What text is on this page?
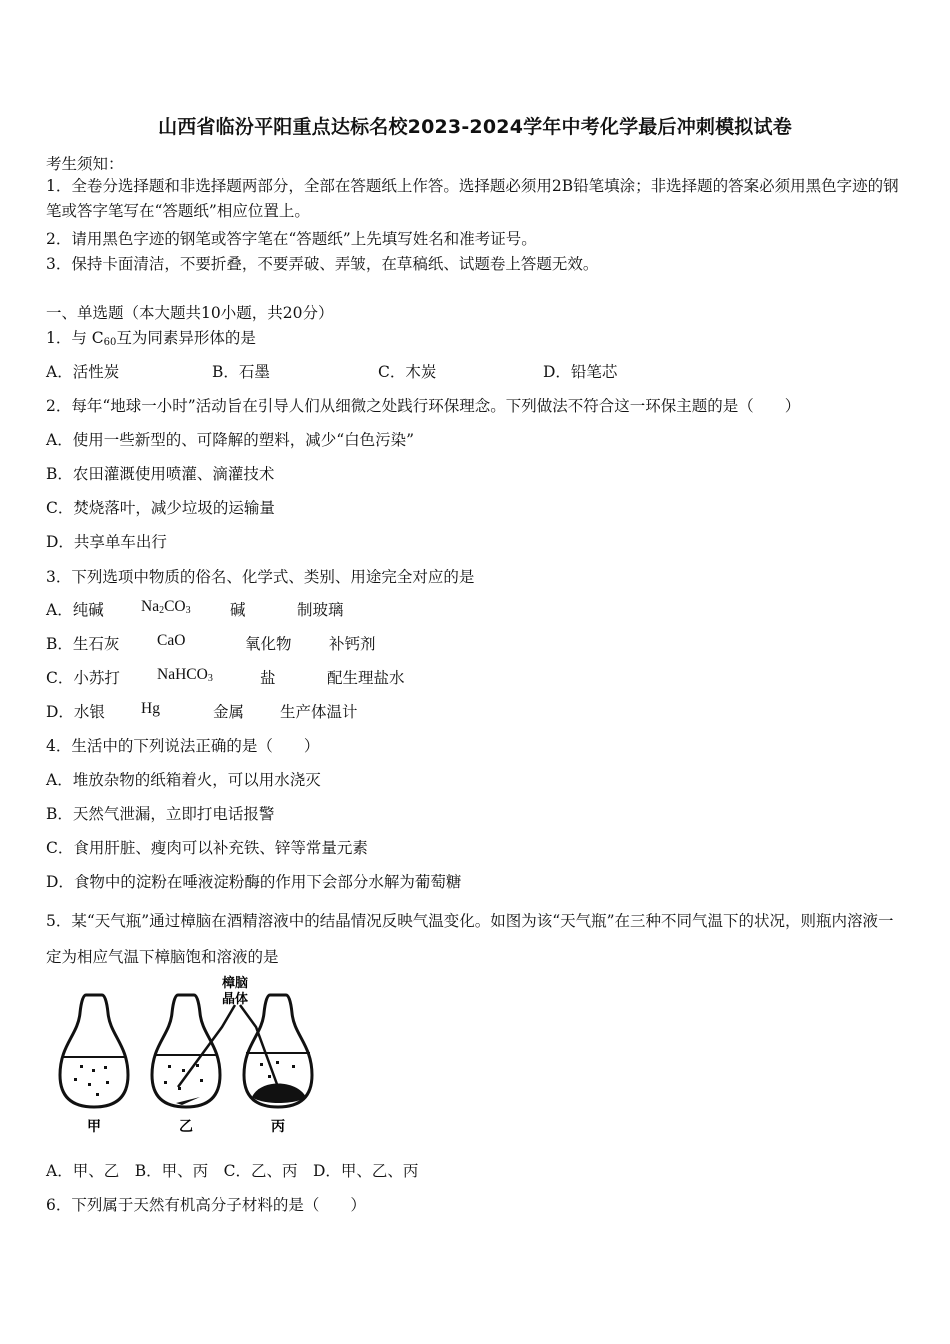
山西省临汾平阳重点达标名校2023-2024学年中考化学最后冲刺模拟试卷
考生须知：
1．全卷分选择题和非选择题两部分，全部在答题纸上作答。选择题必须用2B铅笔填涂；非选择题的答案必须用黑色字迹的钢笔或答字笔写在“答题纸”相应位置上。
2．请用黑色字迹的钢笔或答字笔在“答题纸”上先填写姓名和准考证号。
3．保持卡面清洁，不要折叠，不要弄破、弄皱，在草稿纸、试题卷上答题无效。
一、单选题（本大题共10小题，共20分）
1．与 $C_{60}$互为同素异形体的是
A．活性炭	B．石墨	C．木炭	D．铅笔芯
2．每年“地球一小时”活动旨在引导人们从细微之处践行环保理念。下列做法不符合这一环保主题的是（　　）
A．使用一些新型的、可降解的塑料，减少“白色污染”
B．农田灌溉使用喷灌、滴灌技术
C．焚烧落叶，减少垃圾的运输量
D．共享单车出行
3．下列选项中物质的俗名、化学式、类别、用途完全对应的是
A．纯碱 $Na_2CO_3$	碱	制玻璃
B．生石灰 CaO	氧化物 补钙剂
C．小苏打 NaHCO$_3$	盐	配生理盐水
D．水银 Hg	金属 生产体温计
4．生活中的下列说法正确的是（　　）
A．堆放杂物的纸箱着火，可以用水浇灭
B．天然气泄漏，立即打电话报警
C．食用肝脏、瘦肉可以补充铁、锌等常量元素
D．食物中的淀粉在唾液淀粉酶的作用下会部分水解为葡萄糖
5．某“天气瓶”通过樟脑在酒精溶液中的结晶情况反映气温变化。如图为该“天气瓶”在三种不同气温下的状况，则瓶内溶液一定为相应气温下樟脑饱和溶液的是
樟脑
晶体
甲	乙	丙
A．甲、乙　B．甲、丙　C．乙、丙　D．甲、乙、丙
6．下列属于天然有机高分子材料的是（　　）
